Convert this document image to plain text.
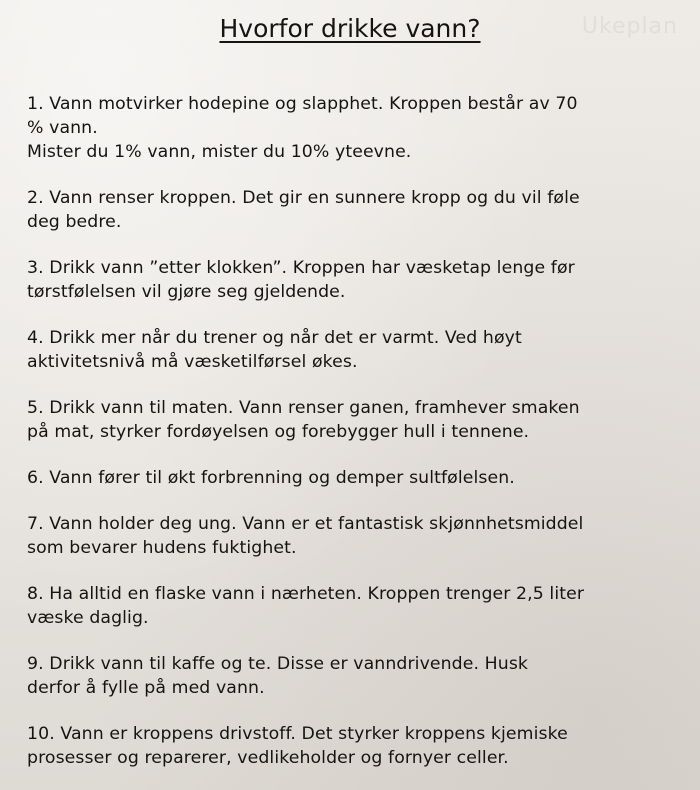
Ukeplan
Hvorfor drikke vann?

1. Vann motvirker hodepine og slapphet. Kroppen består av 70
% vann.
Mister du 1% vann, mister du 10% yteevne.

2. Vann renser kroppen. Det gir en sunnere kropp og du vil føle
deg bedre.

3. Drikk vann ”etter klokken”. Kroppen har væsketap lenge før
tørstfølelsen vil gjøre seg gjeldende.

4. Drikk mer når du trener og når det er varmt. Ved høyt
aktivitetsnivå må væsketilførsel økes.

5. Drikk vann til maten. Vann renser ganen, framhever smaken
på mat, styrker fordøyelsen og forebygger hull i tennene.

6. Vann fører til økt forbrenning og demper sultfølelsen.

7. Vann holder deg ung. Vann er et fantastisk skjønnhetsmiddel
som bevarer hudens fuktighet.

8. Ha alltid en flaske vann i nærheten. Kroppen trenger 2,5 liter
væske daglig.

9. Drikk vann til kaffe og te. Disse er vanndrivende. Husk
derfor å fylle på med vann.

10. Vann er kroppens drivstoff. Det styrker kroppens kjemiske
prosesser og reparerer, vedlikeholder og fornyer celler.
